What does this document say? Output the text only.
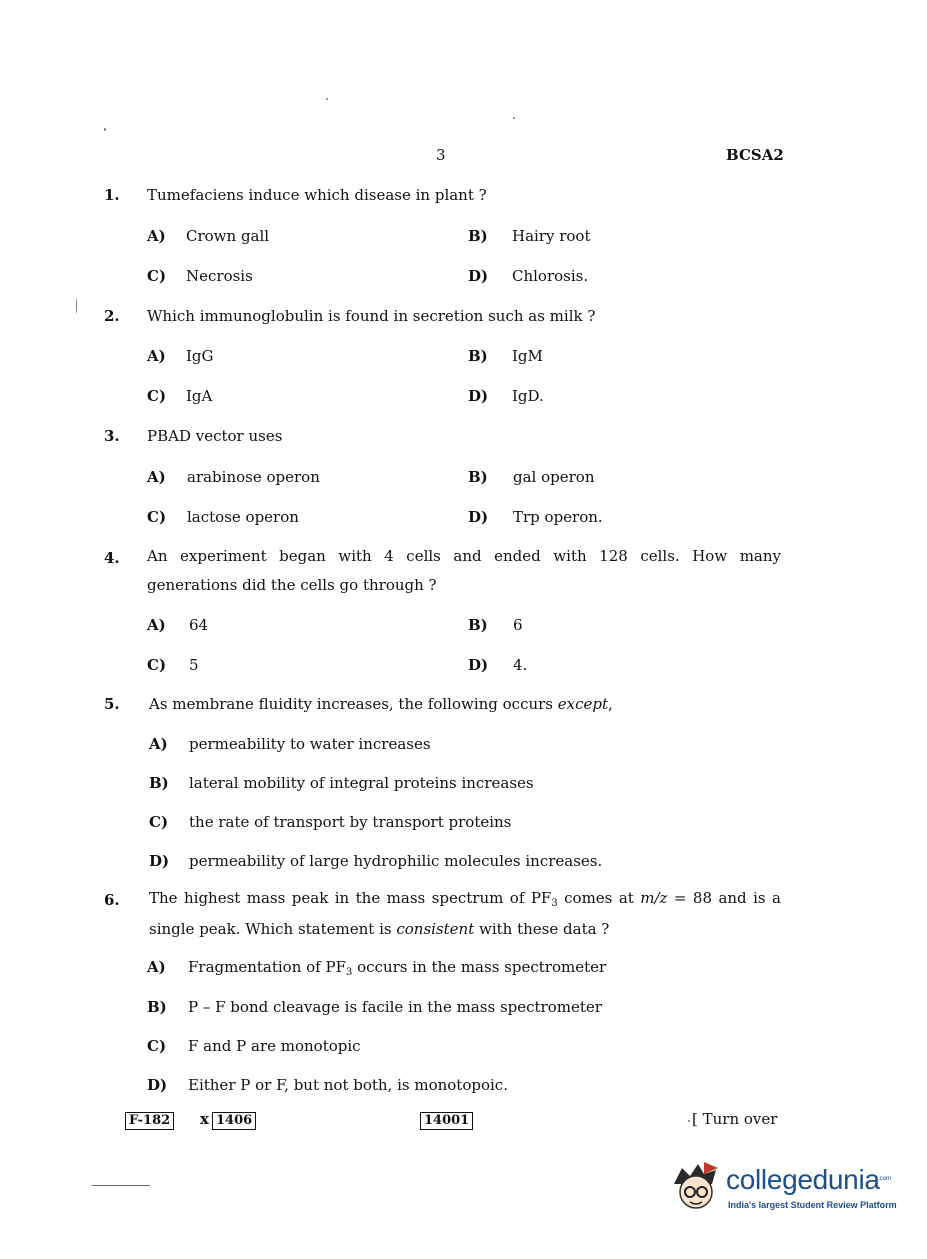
3	BCSA2
1. Tumefaciens induce which disease in plant ?
A) Crown gall	B) Hairy root
C) Necrosis	D) Chlorosis.
2. Which immunoglobulin is found in secretion such as milk ?
A) IgG	B) IgM
C) IgA	D) IgD.
3. PBAD vector uses
A) arabinose operon	B) gal operon
C) lactose operon	D) Trp operon.
4. An experiment began with 4 cells and ended with 128 cells. How many generations did the cells go through ?
A) 64	B) 6
C) 5	D) 4.
5. As membrane fluidity increases, the following occurs except,
A) permeability to water increases
B) lateral mobility of integral proteins increases
C) the rate of transport by transport proteins
D) permeability of large hydrophilic molecules increases.
6. The highest mass peak in the mass spectrum of $PF_3$ comes at m/z = 88 and is a single peak. Which statement is consistent with these data ?
A) Fragmentation of $PF_3$ occurs in the mass spectrometer
B) P – F bond cleavage is facile in the mass spectrometer
C) F and P are monotopic
D) Either P or F, but not both, is monotopoic.
F-182 x 1406	14001	[ Turn over
collegedunia
.com
India's largest Student Review Platform
